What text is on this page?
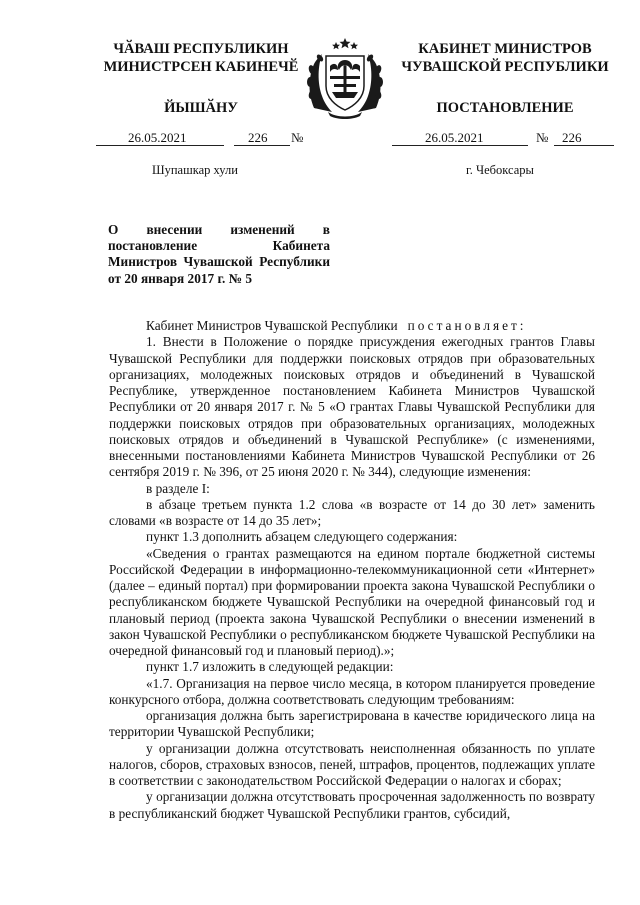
ЧӐВАШ РЕСПУБЛИКИН
МИНИСТРСЕН КАБИНЕЧӖ
ЙЫШӐНУ
КАБИНЕТ МИНИСТРОВ
ЧУВАШСКОЙ РЕСПУБЛИКИ
ПОСТАНОВЛЕНИЕ
26.05.2021	226 №	26.05.2021	№ 226
Шупашкар хули	г. Чебоксары
О внесении изменений в постановление Кабинета Министров Чувашской Республики от 20 января 2017 г. № 5

Кабинет Министров Чувашской Республики постановляет:

1. Внести в Положение о порядке присуждения ежегодных грантов Главы Чувашской Республики для поддержки поисковых отрядов при образовательных организациях, молодежных поисковых отрядов и объединений в Чувашской Республике, утвержденное постановлением Кабинета Министров Чувашской Республики от 20 января 2017 г. № 5 «О грантах Главы Чувашской Республики для поддержки поисковых отрядов при образовательных организациях, молодежных поисковых отрядов и объединений в Чувашской Республике» (с изменениями, внесенными постановлениями Кабинета Министров Чувашской Республики от 26 сентября 2019 г. № 396, от 25 июня 2020 г. № 344), следующие изменения:

в разделе I:

в абзаце третьем пункта 1.2 слова «в возрасте от 14 до 30 лет» заменить словами «в возрасте от 14 до 35 лет»;

пункт 1.3 дополнить абзацем следующего содержания:

«Сведения о грантах размещаются на едином портале бюджетной системы Российской Федерации в информационно-телекоммуникационной сети «Интернет» (далее – единый портал) при формировании проекта закона Чувашской Республики о республиканском бюджете Чувашской Республики на очередной финансовый год и плановый период (проекта закона Чувашской Республики о внесении изменений в закон Чувашской Республики о республиканском бюджете Чувашской Республики на очередной финансовый год и плановый период).»;

пункт 1.7 изложить в следующей редакции:

«1.7. Организация на первое число месяца, в котором планируется проведение конкурсного отбора, должна соответствовать следующим требованиям:

организация должна быть зарегистрирована в качестве юридического лица на территории Чувашской Республики;

у организации должна отсутствовать неисполненная обязанность по уплате налогов, сборов, страховых взносов, пеней, штрафов, процентов, подлежащих уплате в соответствии с законодательством Российской Федерации о налогах и сборах;

у организации должна отсутствовать просроченная задолженность по возврату в республиканский бюджет Чувашской Республики грантов, субсидий,
